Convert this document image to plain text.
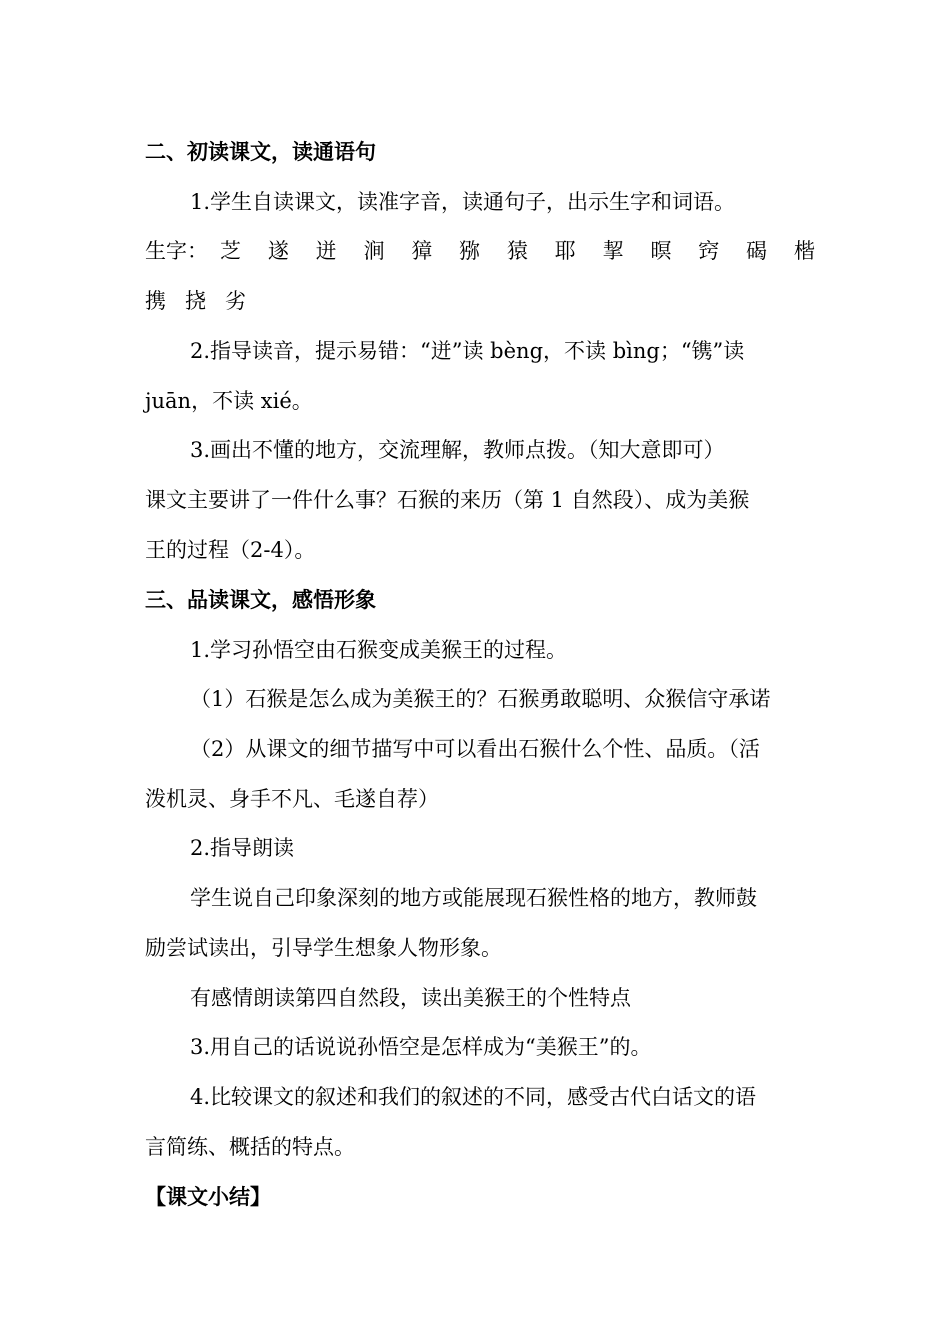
二、初读课文，读通语句
1.学生自读课文，读准字音，读通句子，出示生字和词语。
生字： 芝 遂 迸 涧 獐 猕 猿 耶 挈 暝 窍 碣 楷
携 挠 劣
2.指导读音，提示易错：“迸”读 bèng，不读 bìng；“镌”读
juān，不读 xié。
3.画出不懂的地方，交流理解，教师点拨。（知大意即可）
课文主要讲了一件什么事？石猴的来历（第 1 自然段）、成为美猴
王的过程（2-4）。
三、品读课文，感悟形象
1.学习孙悟空由石猴变成美猴王的过程。
（1）石猴是怎么成为美猴王的？石猴勇敢聪明、众猴信守承诺
（2）从课文的细节描写中可以看出石猴什么个性、品质。（活
泼机灵、身手不凡、毛遂自荐）
2.指导朗读
学生说自己印象深刻的地方或能展现石猴性格的地方，教师鼓
励尝试读出，引导学生想象人物形象。
有感情朗读第四自然段，读出美猴王的个性特点
3.用自己的话说说孙悟空是怎样成为“美猴王”的。
4.比较课文的叙述和我们的叙述的不同，感受古代白话文的语
言简练、概括的特点。
【课文小结】
